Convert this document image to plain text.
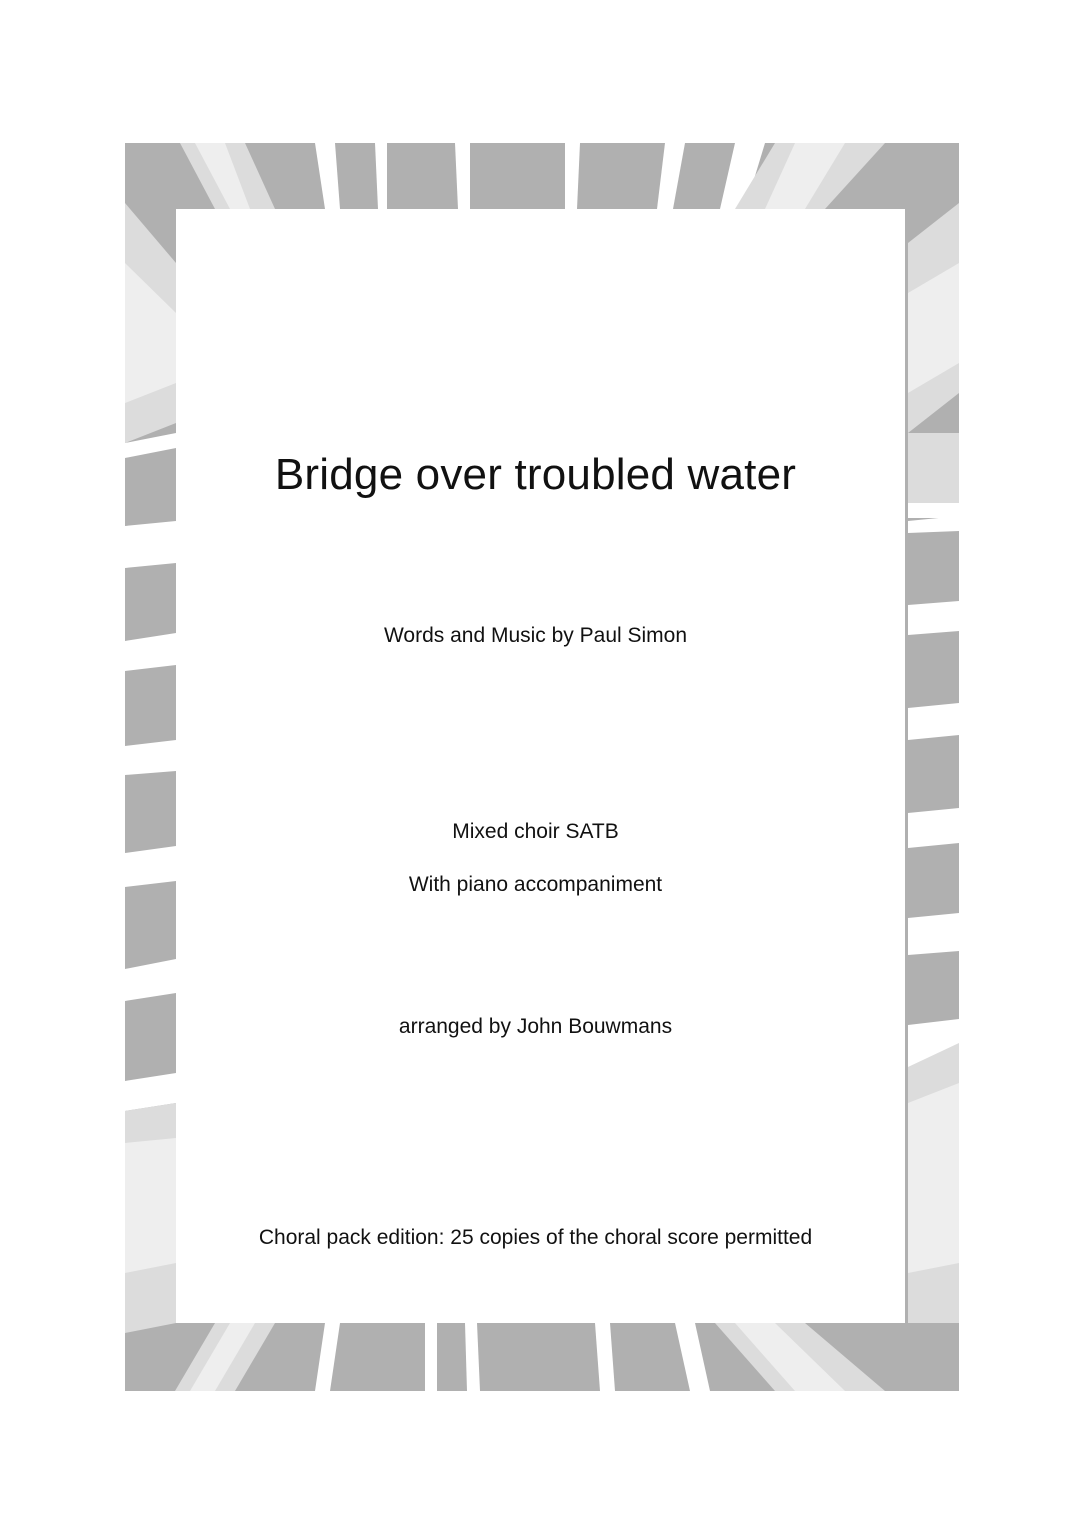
Bridge over troubled water
Words and Music by Paul Simon
Mixed choir SATB
With piano accompaniment
arranged by John Bouwmans
Choral pack edition: 25 copies of the choral score permitted
